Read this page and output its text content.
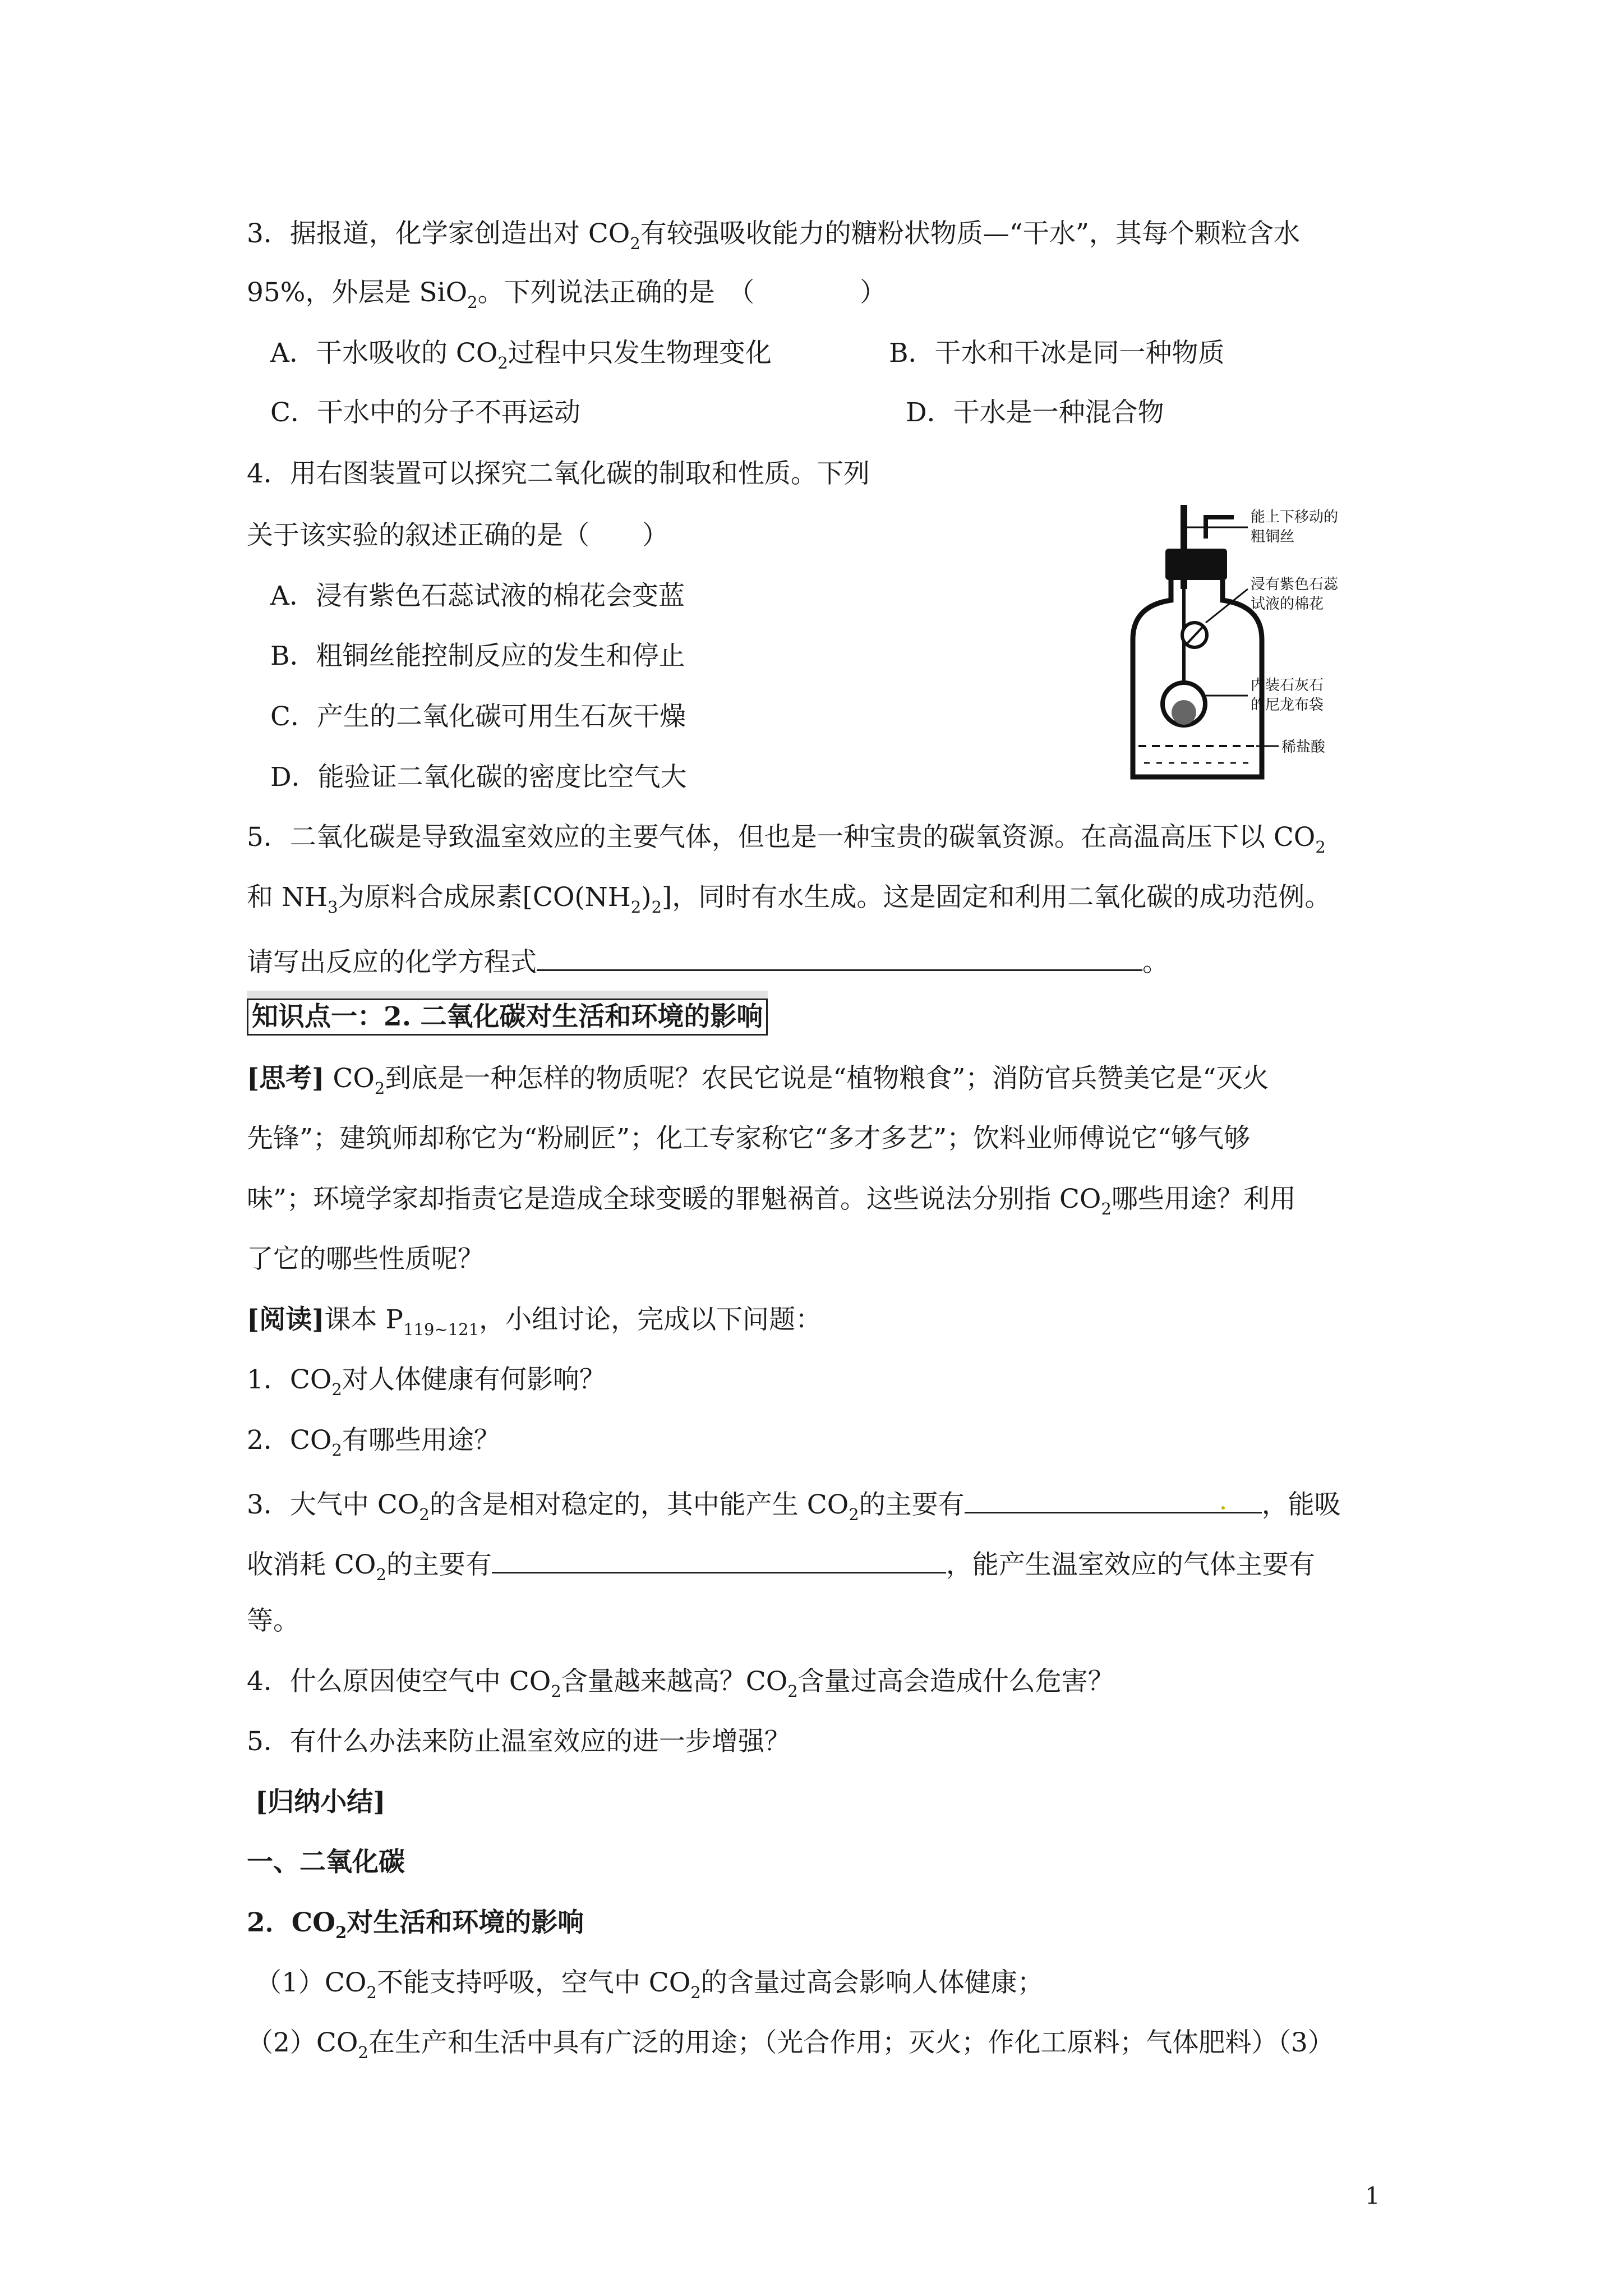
3．据报道，化学家创造出对 $CO_2$有较强吸收能力的糖粉状物质—“干水”，其每个颗粒含水
95%，外层是 SiO$_2$。下列说法正确的是　（　　　　）
A．干水吸收的 $CO_2$过程中只发生物理变化	B．干水和干冰是同一种物质
C．干水中的分子不再运动	D．干水是一种混合物
4．用右图装置可以探究二氧化碳的制取和性质。下列
关于该实验的叙述正确的是（　　）
A．浸有紫色石蕊试液的棉花会变蓝
B．粗铜丝能控制反应的发生和停止
C．产生的二氧化碳可用生石灰干燥
D．能验证二氧化碳的密度比空气大
能上下移动的
粗铜丝
浸有紫色石蕊
试液的棉花
内装石灰石
的尼龙布袋
稀盐酸
5．二氧化碳是导致温室效应的主要气体，但也是一种宝贵的碳氧资源。在高温高压下以 $CO_2$
和 $NH_3$为原料合成尿素$[CO(NH_2)_2]$，同时有水生成。这是固定和利用二氧化碳的成功范例。
请写出反应的化学方程式	。
知识点一：2. 二氧化碳对生活和环境的影响
[思考] $CO_2$到底是一种怎样的物质呢？农民它说是“植物粮食”；消防官兵赞美它是“灭火
先锋”；建筑师却称它为“粉刷匠”；化工专家称它“多才多艺”；饮料业师傅说它“够气够
味”；环境学家却指责它是造成全球变暖的罪魁祸首。这些说法分别指 $CO_2$哪些用途？利用
了它的哪些性质呢？
[阅读]课本 $P_{119\sim 121}$，小组讨论，完成以下问题：
1．$CO_2$对人体健康有何影响？
2．$CO_2$有哪些用途？
3．大气中 $CO_2$的含是相对稳定的，其中能产生 $CO_2$的主要有	，能吸
收消耗 $CO_2$的主要有	，能产生温室效应的气体主要有
等。
4．什么原因使空气中 $CO_2$含量越来越高？$CO_2$含量过高会造成什么危害？
5．有什么办法来防止温室效应的进一步增强？
[归纳小结]
一、二氧化碳
2．$CO_2$对生活和环境的影响
$(1)CO_2$不能支持呼吸，空气中 $CO_2$的含量过高会影响人体健康；
$(2)CO_2$在生产和生活中具有广泛的用途；（光合作用；灭火；作化工原料；气体肥料）（3）
1
